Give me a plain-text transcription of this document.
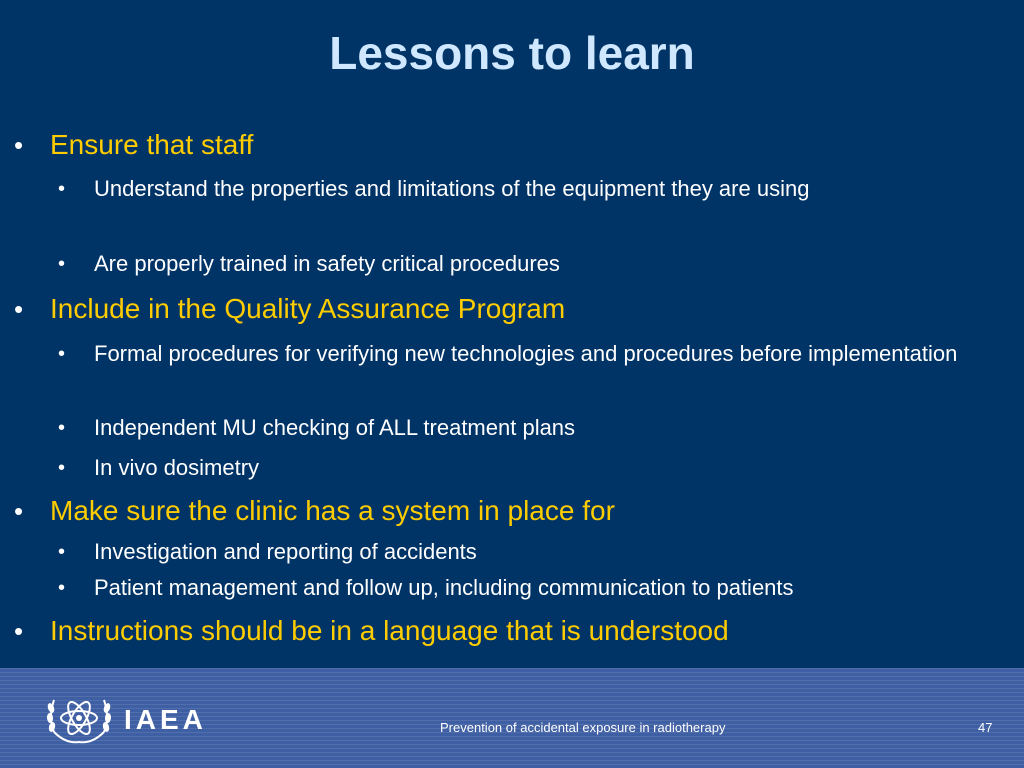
Lessons to learn
• Ensure that staff
• Understand the properties and limitations of the equipment they are using
• Are properly trained in safety critical procedures
• Include in the Quality Assurance Program
• Formal procedures for verifying new technologies and procedures before implementation
• Independent MU checking of ALL treatment plans
• In vivo dosimetry
• Make sure the clinic has a system in place for
• Investigation and reporting of accidents
• Patient management and follow up, including communication to patients
• Instructions should be in a language that is understood
IAEA	Prevention of accidental exposure in radiotherapy	47
